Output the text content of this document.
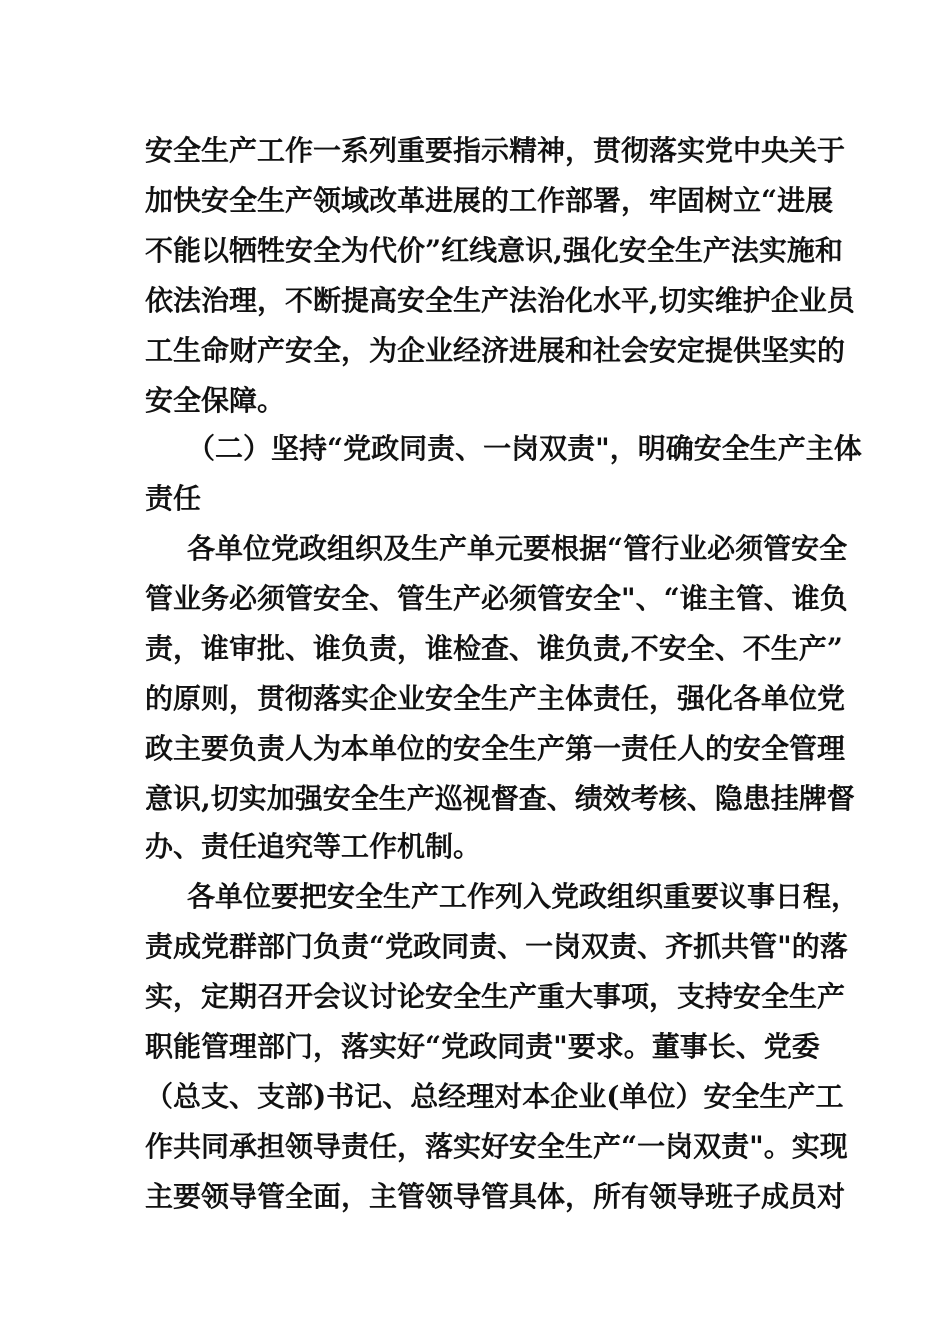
安全生产工作一系列重要指示精神，贯彻落实党中央关于
加快安全生产领域改革进展的工作部署，牢固树立“进展
不能以牺牲安全为代价”红线意识,强化安全生产法实施和
依法治理，不断提高安全生产法治化水平,切实维护企业员
工生命财产安全，为企业经济进展和社会安定提供坚实的
安全保障。
（二）坚持“党政同责、一岗双责"，明确安全生产主体
责任
各单位党政组织及生产单元要根据“管行业必须管安全
管业务必须管安全、管生产必须管安全"、“谁主管、谁负
责，谁审批、谁负责，谁检查、谁负责,不安全、不生产”
的原则，贯彻落实企业安全生产主体责任，强化各单位党
政主要负责人为本单位的安全生产第一责任人的安全管理
意识,切实加强安全生产巡视督查、绩效考核、隐患挂牌督
办、责任追究等工作机制。
各单位要把安全生产工作列入党政组织重要议事日程，
责成党群部门负责“党政同责、一岗双责、齐抓共管"的落
实，定期召开会议讨论安全生产重大事项，支持安全生产
职能管理部门，落实好“党政同责"要求。董事长、党委
（总支、支部)书记、总经理对本企业(单位）安全生产工
作共同承担领导责任，落实好安全生产“一岗双责"。实现
主要领导管全面，主管领导管具体，所有领导班子成员对
